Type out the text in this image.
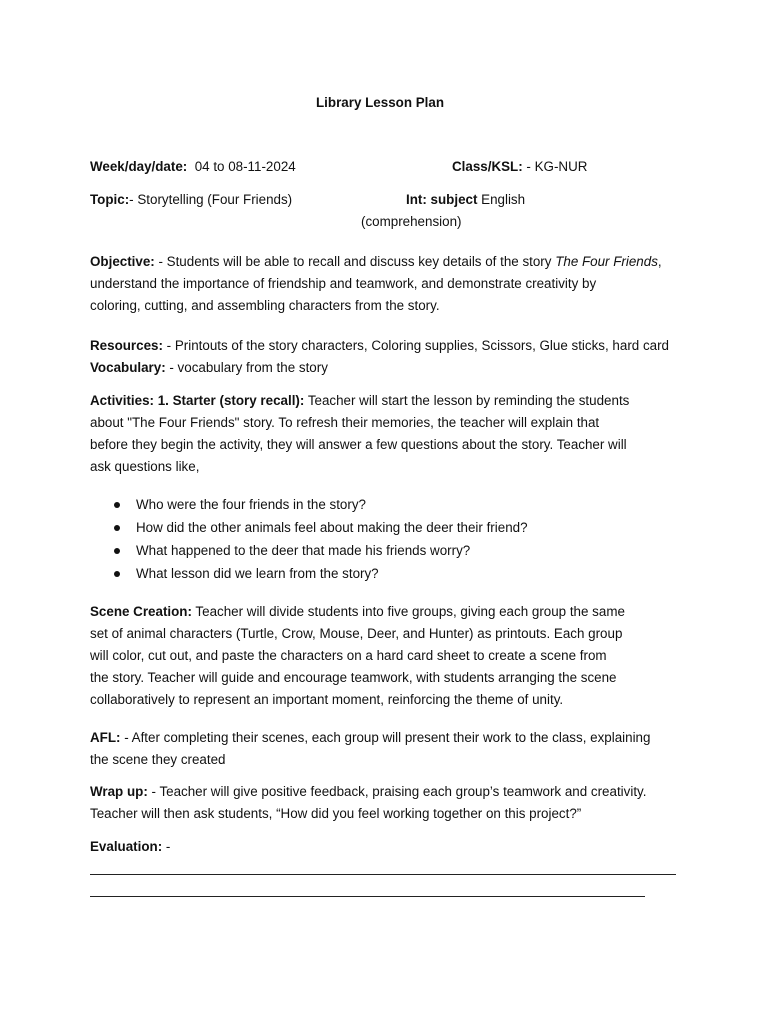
Library Lesson Plan
Week/day/date: 04 to 08-11-2024	Class/KSL: - KG-NUR
Topic:- Storytelling (Four Friends)	Int: subject English
(comprehension)
Objective: - Students will be able to recall and discuss key details of the story The Four Friends,
understand the importance of friendship and teamwork, and demonstrate creativity by
coloring, cutting, and assembling characters from the story.
Resources: - Printouts of the story characters, Coloring supplies, Scissors, Glue sticks, hard card
Vocabulary: - vocabulary from the story
Activities: 1. Starter (story recall): Teacher will start the lesson by reminding the students
about "The Four Friends" story. To refresh their memories, the teacher will explain that
before they begin the activity, they will answer a few questions about the story. Teacher will
ask questions like,
Who were the four friends in the story?
How did the other animals feel about making the deer their friend?
What happened to the deer that made his friends worry?
What lesson did we learn from the story?
Scene Creation: Teacher will divide students into five groups, giving each group the same
set of animal characters (Turtle, Crow, Mouse, Deer, and Hunter) as printouts. Each group
will color, cut out, and paste the characters on a hard card sheet to create a scene from
the story. Teacher will guide and encourage teamwork, with students arranging the scene
collaboratively to represent an important moment, reinforcing the theme of unity.
AFL: - After completing their scenes, each group will present their work to the class, explaining
the scene they created
Wrap up: - Teacher will give positive feedback, praising each group’s teamwork and creativity.
Teacher will then ask students, “How did you feel working together on this project?”
Evaluation: -
